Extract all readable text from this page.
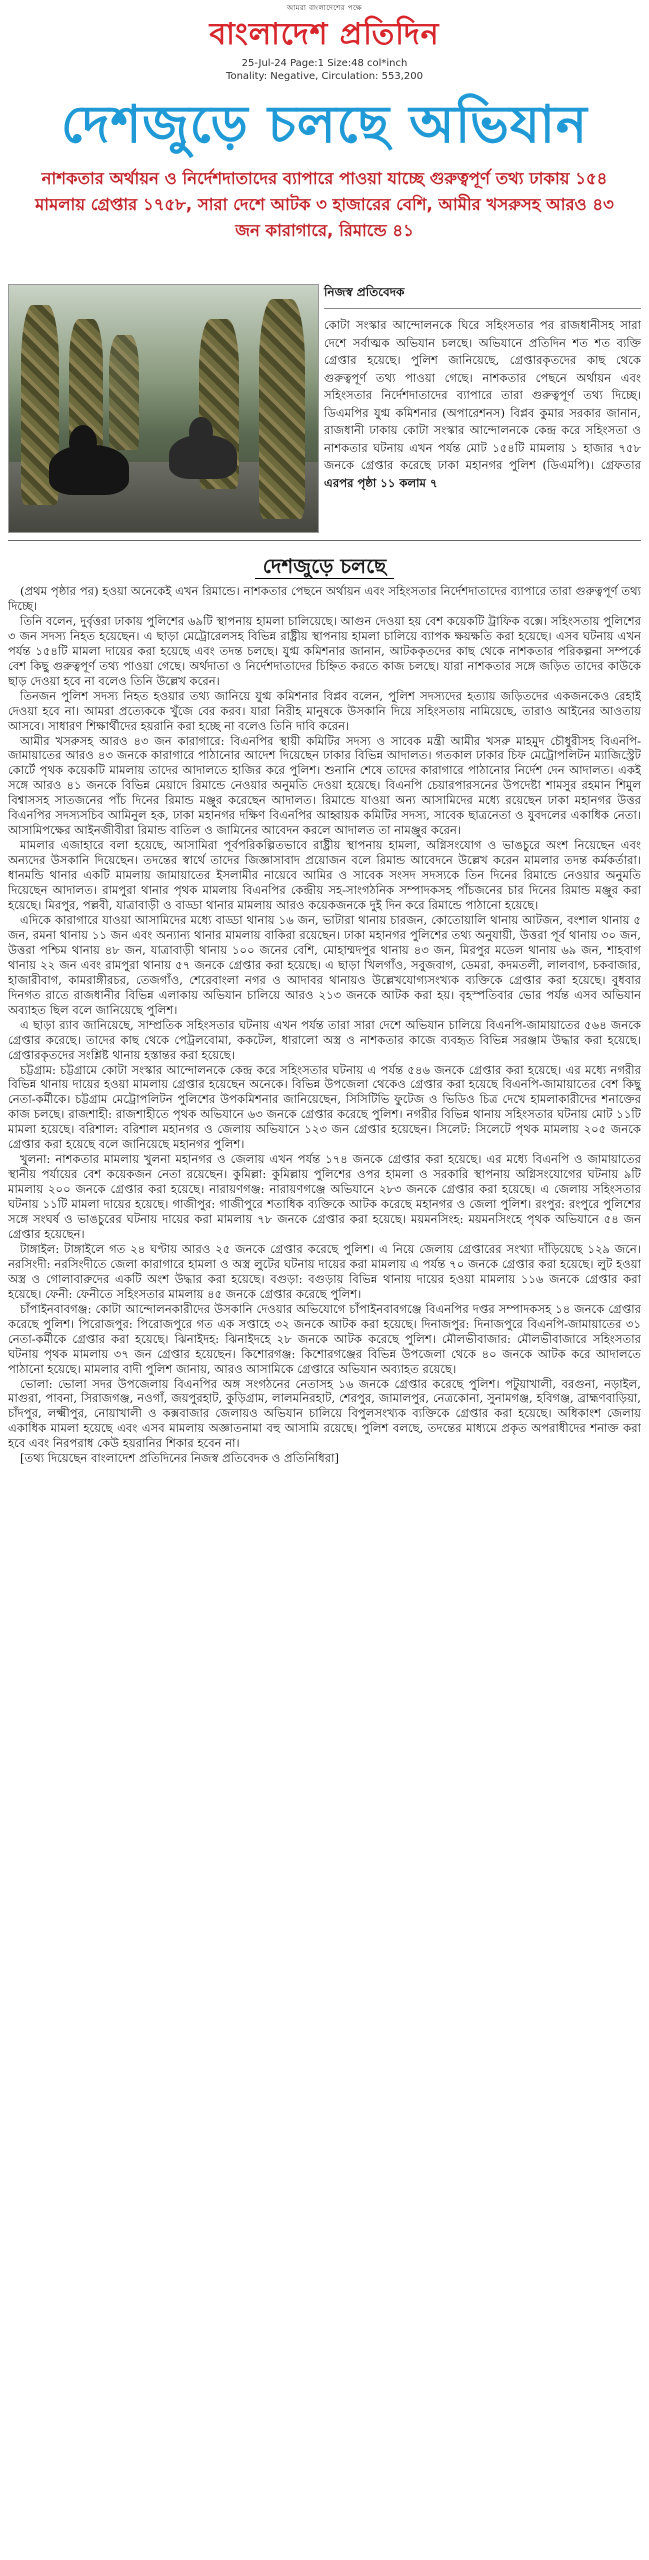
আমরা বাংলাদেশের পক্ষে
বাংলাদেশ প্রতিদিন
25-Jul-24 Page:1 Size:48 col*inch
Tonality: Negative, Circulation: 553,200
দেশজুড়ে চলছে অভিযান
নাশকতার অর্থায়ন ও নির্দেশদাতাদের ব্যাপারে পাওয়া যাচ্ছে গুরুত্বপূর্ণ তথ্য ঢাকায় ১৫৪ মামলায় গ্রেপ্তার ১৭৫৮, সারা দেশে আটক ৩ হাজারের বেশি, আমীর খসরুসহ আরও ৪৩ জন কারাগারে, রিমান্ডে ৪১
নিজস্ব প্রতিবেদক
কোটা সংস্কার আন্দোলনকে ঘিরে সহিংসতার পর রাজধানীসহ সারা দেশে সর্বাত্মক অভিযান চলছে। অভিযানে প্রতিদিন শত শত ব্যক্তি গ্রেপ্তার হয়েছে। পুলিশ জানিয়েছে, গ্রেপ্তারকৃতদের কাছ থেকে গুরুত্বপূর্ণ তথ্য পাওয়া গেছে। নাশকতার পেছনে অর্থায়ন এবং সহিংসতার নির্দেশদাতাদের ব্যাপারে তারা গুরুত্বপূর্ণ তথ্য দিচ্ছে। ডিএমপির যুগ্ম কমিশনার (অপারেশনস) বিপ্লব কুমার সরকার জানান, রাজধানী ঢাকায় কোটা সংস্কার আন্দোলনকে কেন্দ্র করে সহিংসতা ও নাশকতার ঘটনায় এখন পর্যন্ত মোট ১৫৪টি মামলায় ১ হাজার ৭৫৮ জনকে গ্রেপ্তার করেছে ঢাকা মহানগর পুলিশ (ডিএমপি)। গ্রেফতার এরপর পৃষ্ঠা ১১ কলাম ৭
দেশজুড়ে চলছে

(প্রথম পৃষ্ঠার পর) হওয়া অনেকেই এখন রিমান্ডে। নাশকতার পেছনে অর্থায়ন এবং সহিংসতার নির্দেশদাতাদের ব্যাপারে তারা গুরুত্বপূর্ণ তথ্য দিচ্ছে।

তিনি বলেন, দুর্বৃত্তরা ঢাকায় পুলিশের ৬৯টি স্থাপনায় হামলা চালিয়েছে। আগুন দেওয়া হয় বেশ কয়েকটি ট্রাফিক বক্সে। সহিংসতায় পুলিশের ৩ জন সদস্য নিহত হয়েছেন। এ ছাড়া মেট্রোরেলসহ বিভিন্ন রাষ্ট্রীয় স্থাপনায় হামলা চালিয়ে ব্যাপক ক্ষয়ক্ষতি করা হয়েছে। এসব ঘটনায় এখন পর্যন্ত ১৫৪টি মামলা দায়ের করা হয়েছে এবং তদন্ত চলছে। যুগ্ম কমিশনার জানান, আটককৃতদের কাছ থেকে নাশকতার পরিকল্পনা সম্পর্কে বেশ কিছু গুরুত্বপূর্ণ তথ্য পাওয়া গেছে। অর্থদাতা ও নির্দেশদাতাদের চিহ্নিত করতে কাজ চলছে। যারা নাশকতার সঙ্গে জড়িত তাদের কাউকে ছাড় দেওয়া হবে না বলেও তিনি উল্লেখ করেন।

তিনজন পুলিশ সদস্য নিহত হওয়ার তথ্য জানিয়ে যুগ্ম কমিশনার বিপ্লব বলেন, পুলিশ সদস্যদের হত্যায় জড়িতদের একজনকেও রেহাই দেওয়া হবে না। আমরা প্রত্যেককে খুঁজে বের করব। যারা নিরীহ মানুষকে উসকানি দিয়ে সহিংসতায় নামিয়েছে, তারাও আইনের আওতায় আসবে। সাধারণ শিক্ষার্থীদের হয়রানি করা হচ্ছে না বলেও তিনি দাবি করেন।

আমীর খসরুসহ আরও ৪৩ জন কারাগারে: বিএনপির স্থায়ী কমিটির সদস্য ও সাবেক মন্ত্রী আমীর খসরু মাহমুদ চৌধুরীসহ বিএনপি-জামায়াতের আরও ৪৩ জনকে কারাগারে পাঠানোর আদেশ দিয়েছেন ঢাকার বিভিন্ন আদালত। গতকাল ঢাকার চিফ মেট্রোপলিটন ম্যাজিস্ট্রেট কোর্টে পৃথক কয়েকটি মামলায় তাদের আদালতে হাজির করে পুলিশ। শুনানি শেষে তাদের কারাগারে পাঠানোর নির্দেশ দেন আদালত। একই সঙ্গে আরও ৪১ জনকে বিভিন্ন মেয়াদে রিমান্ডে নেওয়ার অনুমতি দেওয়া হয়েছে। বিএনপি চেয়ারপারসনের উপদেষ্টা শামসুর রহমান শিমুল বিশ্বাসসহ সাতজনের পাঁচ দিনের রিমান্ড মঞ্জুর করেছেন আদালত। রিমান্ডে যাওয়া অন্য আসামিদের মধ্যে রয়েছেন ঢাকা মহানগর উত্তর বিএনপির সদস্যসচিব আমিনুল হক, ঢাকা মহানগর দক্ষিণ বিএনপির আহ্বায়ক কমিটির সদস্য, সাবেক ছাত্রনেতা ও যুবদলের একাধিক নেতা। আসামিপক্ষের আইনজীবীরা রিমান্ড বাতিল ও জামিনের আবেদন করলে আদালত তা নামঞ্জুর করেন।

মামলার এজাহারে বলা হয়েছে, আসামিরা পূর্বপরিকল্পিতভাবে রাষ্ট্রীয় স্থাপনায় হামলা, অগ্নিসংযোগ ও ভাঙচুরে অংশ নিয়েছেন এবং অন্যদের উসকানি দিয়েছেন। তদন্তের স্বার্থে তাদের জিজ্ঞাসাবাদ প্রয়োজন বলে রিমান্ড আবেদনে উল্লেখ করেন মামলার তদন্ত কর্মকর্তারা। ধানমন্ডি থানার একটি মামলায় জামায়াতের ইসলামীর নায়েবে আমির ও সাবেক সংসদ সদস্যকে তিন দিনের রিমান্ডে নেওয়ার অনুমতি দিয়েছেন আদালত। রামপুরা থানার পৃথক মামলায় বিএনপির কেন্দ্রীয় সহ-সাংগঠনিক সম্পাদকসহ পাঁচজনের চার দিনের রিমান্ড মঞ্জুর করা হয়েছে। মিরপুর, পল্লবী, যাত্রাবাড়ী ও বাড্ডা থানার মামলায় আরও কয়েকজনকে দুই দিন করে রিমান্ডে পাঠানো হয়েছে।

এদিকে কারাগারে যাওয়া আসামিদের মধ্যে বাড্ডা থানায় ১৬ জন, ভাটারা থানায় চারজন, কোতোয়ালি থানায় আটজন, বংশাল থানায় ৫ জন, রমনা থানায় ১১ জন এবং অন্যান্য থানার মামলায় বাকিরা রয়েছেন। ঢাকা মহানগর পুলিশের তথ্য অনুযায়ী, উত্তরা পূর্ব থানায় ৩০ জন, উত্তরা পশ্চিম থানায় ৪৮ জন, যাত্রাবাড়ী থানায় ১০০ জনের বেশি, মোহাম্মদপুর থানায় ৪৩ জন, মিরপুর মডেল থানায় ৬৯ জন, শাহবাগ থানায় ২২ জন এবং রামপুরা থানায় ৫৭ জনকে গ্রেপ্তার করা হয়েছে। এ ছাড়া খিলগাঁও, সবুজবাগ, ডেমরা, কদমতলী, লালবাগ, চকবাজার, হাজারীবাগ, কামরাঙ্গীরচর, তেজগাঁও, শেরেবাংলা নগর ও আদাবর থানায়ও উল্লেখযোগ্যসংখ্যক ব্যক্তিকে গ্রেপ্তার করা হয়েছে। বুধবার দিনগত রাতে রাজধানীর বিভিন্ন এলাকায় অভিযান চালিয়ে আরও ২১৩ জনকে আটক করা হয়। বৃহস্পতিবার ভোর পর্যন্ত এসব অভিযান অব্যাহত ছিল বলে জানিয়েছে পুলিশ।

এ ছাড়া র‍্যাব জানিয়েছে, সাম্প্রতিক সহিংসতার ঘটনায় এখন পর্যন্ত তারা সারা দেশে অভিযান চালিয়ে বিএনপি-জামায়াতের ৫৬৪ জনকে গ্রেপ্তার করেছে। তাদের কাছ থেকে পেট্রলবোমা, ককটেল, ধারালো অস্ত্র ও নাশকতার কাজে ব্যবহৃত বিভিন্ন সরঞ্জাম উদ্ধার করা হয়েছে। গ্রেপ্তারকৃতদের সংশ্লিষ্ট থানায় হস্তান্তর করা হয়েছে।

চট্টগ্রাম: চট্টগ্রামে কোটা সংস্কার আন্দোলনকে কেন্দ্র করে সহিংসতার ঘটনায় এ পর্যন্ত ৫৪৬ জনকে গ্রেপ্তার করা হয়েছে। এর মধ্যে নগরীর বিভিন্ন থানায় দায়ের হওয়া মামলায় গ্রেপ্তার হয়েছেন অনেকে। বিভিন্ন উপজেলা থেকেও গ্রেপ্তার করা হয়েছে বিএনপি-জামায়াতের বেশ কিছু নেতা-কর্মীকে। চট্টগ্রাম মেট্রোপলিটন পুলিশের উপকমিশনার জানিয়েছেন, সিসিটিভি ফুটেজ ও ভিডিও চিত্র দেখে হামলাকারীদের শনাক্তের কাজ চলছে। রাজশাহী: রাজশাহীতে পৃথক অভিযানে ৬৩ জনকে গ্রেপ্তার করেছে পুলিশ। নগরীর বিভিন্ন থানায় সহিংসতার ঘটনায় মোট ১১টি মামলা হয়েছে। বরিশাল: বরিশাল মহানগর ও জেলায় অভিযানে ১২৩ জন গ্রেপ্তার হয়েছেন। সিলেট: সিলেটে পৃথক মামলায় ২০৫ জনকে গ্রেপ্তার করা হয়েছে বলে জানিয়েছে মহানগর পুলিশ।

খুলনা: নাশকতার মামলায় খুলনা মহানগর ও জেলায় এখন পর্যন্ত ১৭৪ জনকে গ্রেপ্তার করা হয়েছে। এর মধ্যে বিএনপি ও জামায়াতের স্থানীয় পর্যায়ের বেশ কয়েকজন নেতা রয়েছেন। কুমিল্লা: কুমিল্লায় পুলিশের ওপর হামলা ও সরকারি স্থাপনায় অগ্নিসংযোগের ঘটনায় ৯টি মামলায় ২০০ জনকে গ্রেপ্তার করা হয়েছে। নারায়ণগঞ্জ: নারায়ণগঞ্জে অভিযানে ২৮৩ জনকে গ্রেপ্তার করা হয়েছে। এ জেলায় সহিংসতার ঘটনায় ১১টি মামলা দায়ের হয়েছে। গাজীপুর: গাজীপুরে শতাধিক ব্যক্তিকে আটক করেছে মহানগর ও জেলা পুলিশ। রংপুর: রংপুরে পুলিশের সঙ্গে সংঘর্ষ ও ভাঙচুরের ঘটনায় দায়ের করা মামলায় ৭৮ জনকে গ্রেপ্তার করা হয়েছে। ময়মনসিংহ: ময়মনসিংহে পৃথক অভিযানে ৫৪ জন গ্রেপ্তার হয়েছেন।

টাঙ্গাইল: টাঙ্গাইলে গত ২৪ ঘণ্টায় আরও ২৫ জনকে গ্রেপ্তার করেছে পুলিশ। এ নিয়ে জেলায় গ্রেপ্তারের সংখ্যা দাঁড়িয়েছে ১২৯ জনে। নরসিংদী: নরসিংদীতে জেলা কারাগারে হামলা ও অস্ত্র লুটের ঘটনায় দায়ের করা মামলায় এ পর্যন্ত ৭০ জনকে গ্রেপ্তার করা হয়েছে। লুট হওয়া অস্ত্র ও গোলাবারুদের একটি অংশ উদ্ধার করা হয়েছে। বগুড়া: বগুড়ায় বিভিন্ন থানায় দায়ের হওয়া মামলায় ১১৬ জনকে গ্রেপ্তার করা হয়েছে। ফেনী: ফেনীতে সহিংসতার মামলায় ৪৫ জনকে গ্রেপ্তার করেছে পুলিশ।

চাঁপাইনবাবগঞ্জ: কোটা আন্দোলনকারীদের উসকানি দেওয়ার অভিযোগে চাঁপাইনবাবগঞ্জে বিএনপির দপ্তর সম্পাদকসহ ১৪ জনকে গ্রেপ্তার করেছে পুলিশ। পিরোজপুর: পিরোজপুরে গত এক সপ্তাহে ৩২ জনকে আটক করা হয়েছে। দিনাজপুর: দিনাজপুরে বিএনপি-জামায়াতের ৩১ নেতা-কর্মীকে গ্রেপ্তার করা হয়েছে। ঝিনাইদহ: ঝিনাইদহে ২৮ জনকে আটক করেছে পুলিশ। মৌলভীবাজার: মৌলভীবাজারে সহিংসতার ঘটনায় পৃথক মামলায় ৩৭ জন গ্রেপ্তার হয়েছেন। কিশোরগঞ্জ: কিশোরগঞ্জের বিভিন্ন উপজেলা থেকে ৪০ জনকে আটক করে আদালতে পাঠানো হয়েছে। মামলার বাদী পুলিশ জানায়, আরও আসামিকে গ্রেপ্তারে অভিযান অব্যাহত রয়েছে।

ভোলা: ভোলা সদর উপজেলায় বিএনপির অঙ্গ সংগঠনের নেতাসহ ১৬ জনকে গ্রেপ্তার করেছে পুলিশ। পটুয়াখালী, বরগুনা, নড়াইল, মাগুরা, পাবনা, সিরাজগঞ্জ, নওগাঁ, জয়পুরহাট, কুড়িগ্রাম, লালমনিরহাট, শেরপুর, জামালপুর, নেত্রকোনা, সুনামগঞ্জ, হবিগঞ্জ, ব্রাহ্মণবাড়িয়া, চাঁদপুর, লক্ষ্মীপুর, নোয়াখালী ও কক্সবাজার জেলায়ও অভিযান চালিয়ে বিপুলসংখ্যক ব্যক্তিকে গ্রেপ্তার করা হয়েছে। অধিকাংশ জেলায় একাধিক মামলা হয়েছে এবং এসব মামলায় অজ্ঞাতনামা বহু আসামি রয়েছে। পুলিশ বলছে, তদন্তের মাধ্যমে প্রকৃত অপরাধীদের শনাক্ত করা হবে এবং নিরপরাধ কেউ হয়রানির শিকার হবেন না।

[তথ্য দিয়েছেন বাংলাদেশ প্রতিদিনের নিজস্ব প্রতিবেদক ও প্রতিনিধিরা]
